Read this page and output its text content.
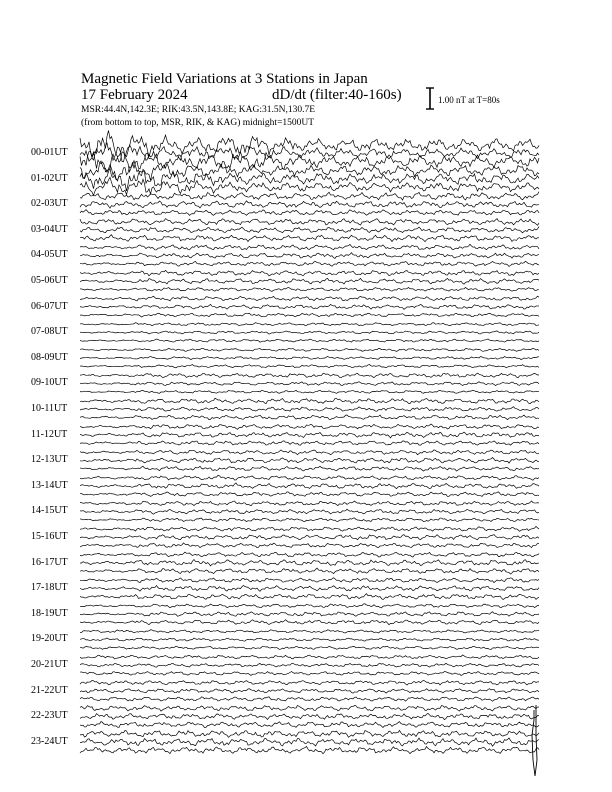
Magnetic Field Variations at 3 Stations in Japan
17 February 2024	dD/dt (filter:40-160s)
MSR:44.4N,142.3E; RIK:43.5N,143.8E; KAG:31.5N,130.7E
(from bottom to top, MSR, RIK, & KAG) midnight=1500UT
1.00 nT at T=80s
00-01UT
01-02UT
02-03UT
03-04UT
04-05UT
05-06UT
06-07UT
07-08UT
08-09UT
09-10UT
10-11UT
11-12UT
12-13UT
13-14UT
14-15UT
15-16UT
16-17UT
17-18UT
18-19UT
19-20UT
20-21UT
21-22UT
22-23UT
23-24UT
